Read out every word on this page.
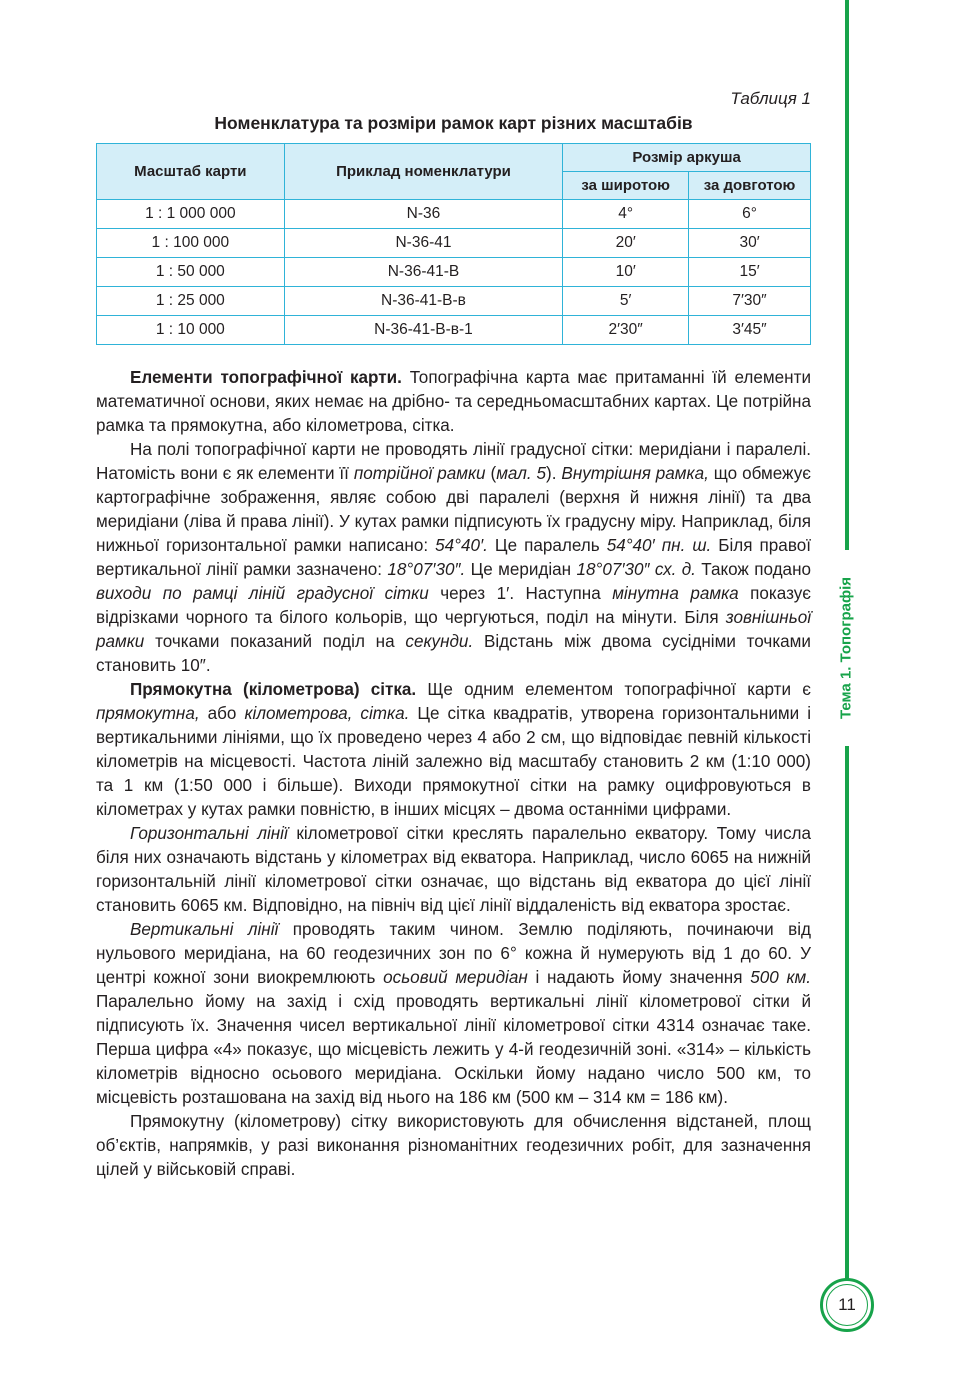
Таблиця 1
Номенклатура та розміри рамок карт різних масштабів
Масштаб карти	Приклад номенклатури	Розмір аркуша	
		за широтою	за довготою
1 : 1 000 000	N-36	4°	6°
1 : 100 000	N-36-41	20′	30′
1 : 50 000	N-36-41-В	10′	15′
1 : 25 000	N-36-41-В-в	5′	7′30″
1 : 10 000	N-36-41-В-в-1	2′30″	3′45″

Елементи топографічної карти. Топографічна карта має притаманні їй елементи математичної основи, яких немає на дрібно- та середньомасштабних картах. Це потрійна рамка та прямокутна, або кілометрова, сітка.

На полі топографічної карти не проводять лінії градусної сітки: меридіани і паралелі. Натомість вони є як елементи її потрійної рамки (мал. 5). Внутрішня рамка, що обмежує картографічне зображення, являє собою дві паралелі (верхня й нижня лінії) та два меридіани (ліва й права лінії). У кутах рамки підписують їх градусну міру. Наприклад, біля нижньої горизонтальної рамки написано: 54°40′. Це паралель 54°40′ пн. ш. Біля правої вертикальної лінії рамки зазначено: 18°07′30″. Це меридіан 18°07′30″ сх. д. Також подано виходи по рамці ліній градусної сітки через 1′. Наступна мінутна рамка показує відрізками чорного та білого кольорів, що чергуються, поділ на мінути. Біля зовнішньої рамки точками показаний поділ на секунди. Відстань між двома сусідніми точками становить 10″.

Прямокутна (кілометрова) сітка. Ще одним елементом топографічної карти є прямокутна, або кілометрова, сітка. Це сітка квадратів, утворена горизонтальними і вертикальними лініями, що їх проведено через 4 або 2 см, що відповідає певній кількості кілометрів на місцевості. Частота ліній залежно від масштабу становить 2 км (1:10 000) та 1 км (1:50 000 і більше). Виходи прямокутної сітки на рамку оцифровуються в кілометрах у кутах рамки повністю, в інших місцях – двома останніми цифрами.

Горизонтальні лінії кілометрової сітки креслять паралельно екватору. Тому числа біля них означають відстань у кілометрах від екватора. Наприклад, число 6065 на нижній горизонтальній лінії кілометрової сітки означає, що відстань від екватора до цієї лінії становить 6065 км. Відповідно, на північ від цієї лінії віддаленість від екватора зростає.

Вертикальні лінії проводять таким чином. Землю поділяють, починаючи від нульового меридіана, на 60 геодезичних зон по 6° кожна й нумерують від 1 до 60. У центрі кожної зони виокремлюють осьовий меридіан і надають йому значення 500 км. Паралельно йому на захід і схід проводять вертикальні лінії кілометрової сітки й підписують їх. Значення чисел вертикальної лінії кілометрової сітки 4314 означає таке. Перша цифра «4» показує, що місцевість лежить у 4-й геодезичній зоні. «314» – кількість кілометрів відносно осьового меридіана. Оскільки йому надано число 500 км, то місцевість розташована на захід від нього на 186 км (500 км – 314 км = 186 км).

Прямокутну (кілометрову) сітку використовують для обчислення відстаней, площ об’єктів, напрямків, у разі виконання різноманітних геодезичних робіт, для зазначення цілей у військовій справі.

Тема 1. Топографія
11
